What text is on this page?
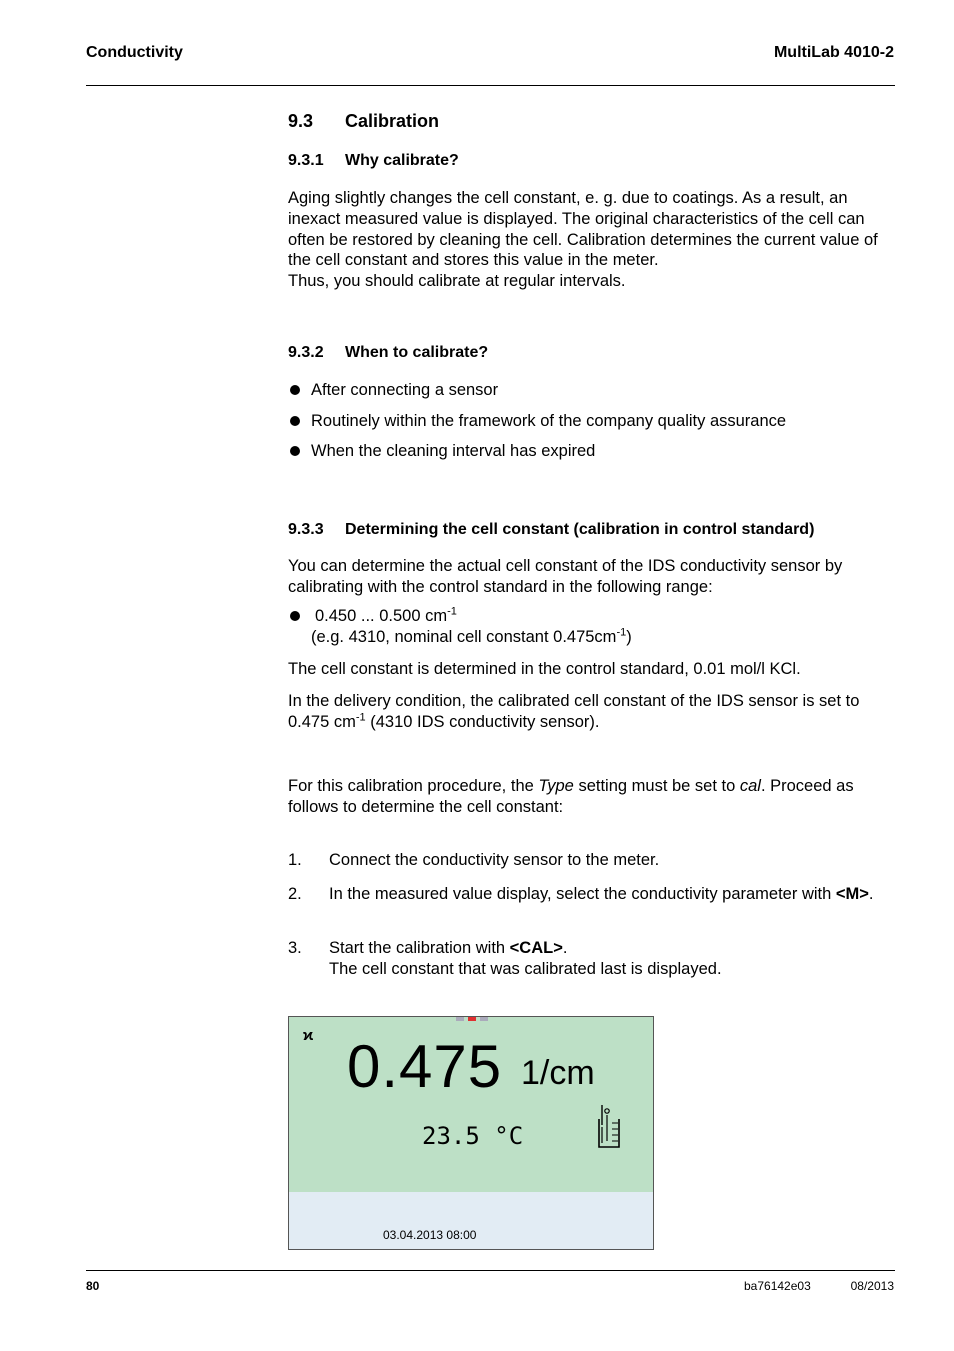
Conductivity	MultiLab 4010-2
9.3 Calibration
9.3.1 Why calibrate?
Aging slightly changes the cell constant, e. g. due to coatings. As a result, an inexact measured value is displayed. The original characteristics of the cell can often be restored by cleaning the cell. Calibration determines the current value of the cell constant and stores this value in the meter.
Thus, you should calibrate at regular intervals.
9.3.2 When to calibrate?
After connecting a sensor
Routinely within the framework of the company quality assurance
When the cleaning interval has expired
9.3.3 Determining the cell constant (calibration in control standard)
You can determine the actual cell constant of the IDS conductivity sensor by calibrating with the control standard in the following range:
0.450 ... 0.500 $cm^{-1}$
(e.g. 4310, nominal cell constant $0.475cm^{-1}$)
The cell constant is determined in the control standard, 0.01 mol/l KCl.
In the delivery condition, the calibrated cell constant of the IDS sensor is set to 0.475 $cm^{-1}$ (4310 IDS conductivity sensor).
For this calibration procedure, the Type setting must be set to cal. Proceed as follows to determine the cell constant:
1. Connect the conductivity sensor to the meter.
2. In the measured value display, select the conductivity parameter with <M>.
3. Start the calibration with <CAL>.
The cell constant that was calibrated last is displayed.
ϰ 0.475 1/cm
23.5 °C
03.04.2013 08:00
80	ba76142e03	08/2013
